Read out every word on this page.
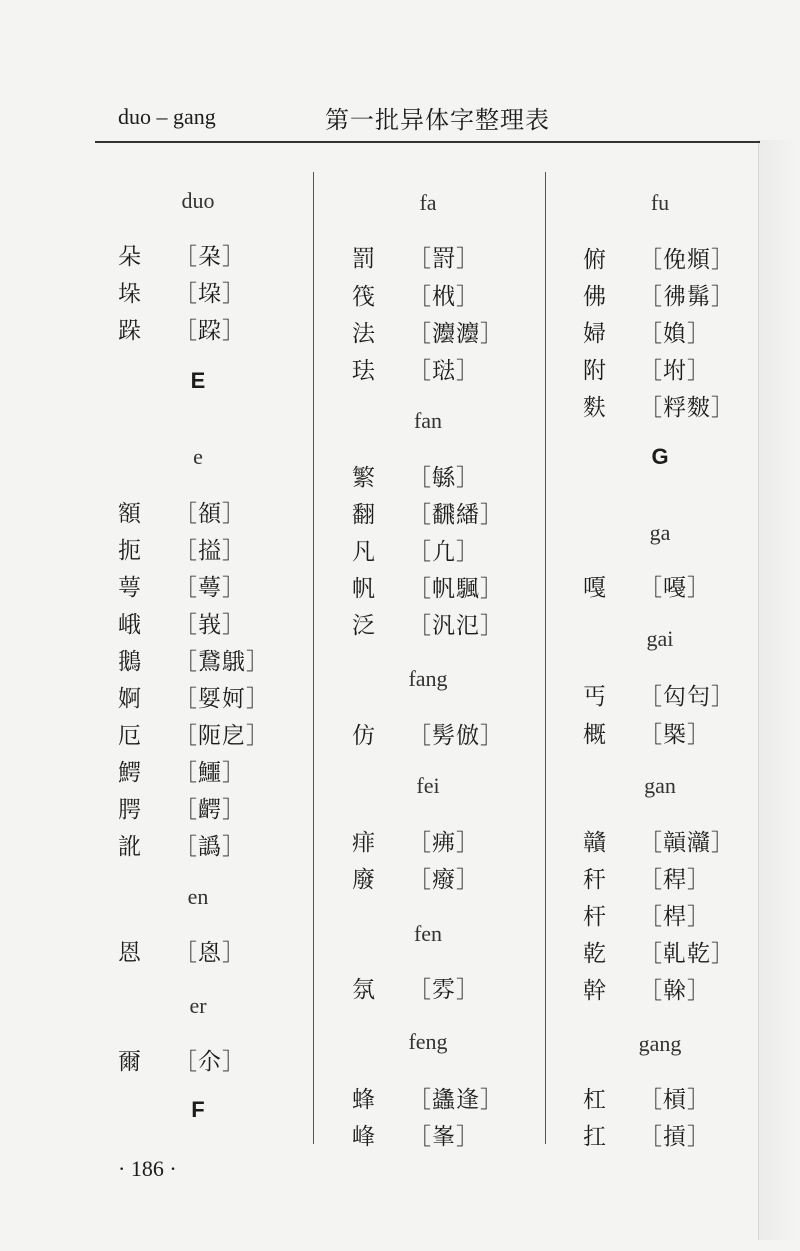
duo – gang	第一批异体字整理表
duo
朵 ［朶］
垛 ［垜］
跺 ［跥］
E
e
額 ［頟］
扼 ［搤］
萼 ［蕚］
峨 ［峩］
鵝 ［鵞䳘］
婀 ［娿妸］
厄 ［阨戹］
鰐 ［鱷］
腭 ［齶］
訛 ［譌］
en
恩 ［恖］
er
爾 ［尒］
F
fa
罰 ［罸］
筏 ［栰］
法 ［灋灋］
珐 ［琺］
fan
繁 ［緐］
翻 ［飜繙］
凡 ［凢］
帆 ［帆颿］
泛 ［汎氾］
fang
仿 ［髣倣］
fei
痱 ［疿］
廢 ［癈］
fen
氛 ［雰］
feng
蜂 ［蠭逢］
峰 ［峯］
fu
俯 ［俛頫］
佛 ［彿髴］
婦 ［媍］
附 ［坿］
麩 ［粰麬］
G
ga
嘎 ［嘠］
gai
丐 ［匃匄］
概 ［槩］
gan
贛 ［贑灨］
秆 ［稈］
杆 ［桿］
乾 ［乹乾］
幹 ［榦］
gang
杠 ［槓］
扛 ［摃］
· 186 ·
